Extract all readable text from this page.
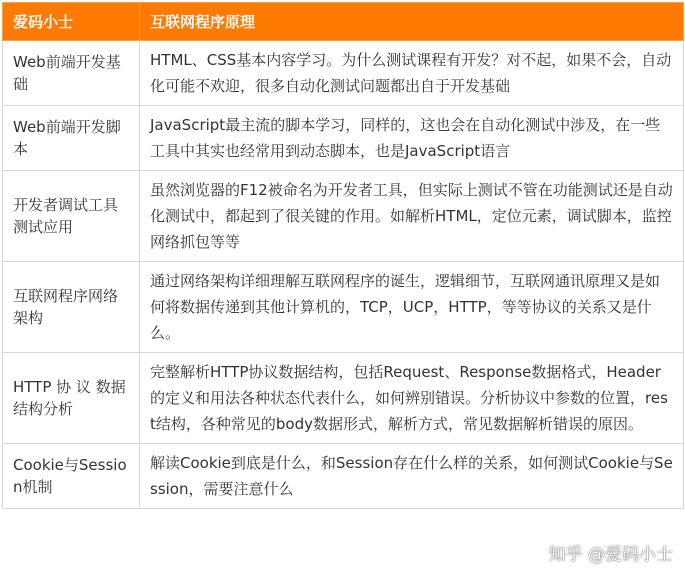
爱码小士	互联网程序原理
Web前端开发基础	HTML、CSS基本内容学习。为什么测试课程有开发？对不起，如果不会，自动化可能不欢迎，很多自动化测试问题都出自于开发基础
Web前端开发脚本	JavaScript最主流的脚本学习，同样的，这也会在自动化测试中涉及，在一些工具中其实也经常用到动态脚本，也是JavaScript语言
开发者调试工具测试应用	虽然浏览器的F12被命名为开发者工具，但实际上测试不管在功能测试还是自动化测试中，都起到了很关键的作用。如解析HTML，定位元素，调试脚本，监控网络抓包等等
互联网程序网络架构	通过网络架构详细理解互联网程序的诞生，逻辑细节，互联网通讯原理又是如何将数据传递到其他计算机的，TCP，UCP，HTTP，等等协议的关系又是什么。
HTTP 协 议 数据结构分析	完整解析HTTP协议数据结构，包括Request、Response数据格式，Header的定义和用法各种状态代表什么，如何辨别错误。分析协议中参数的位置，rest结构，各种常见的body数据形式，解析方式，常见数据解析错误的原因。
Cookie与Session机制	解读Cookie到底是什么，和Session存在什么样的关系，如何测试Cookie与Session，需要注意什么
知乎 @爱码小士
